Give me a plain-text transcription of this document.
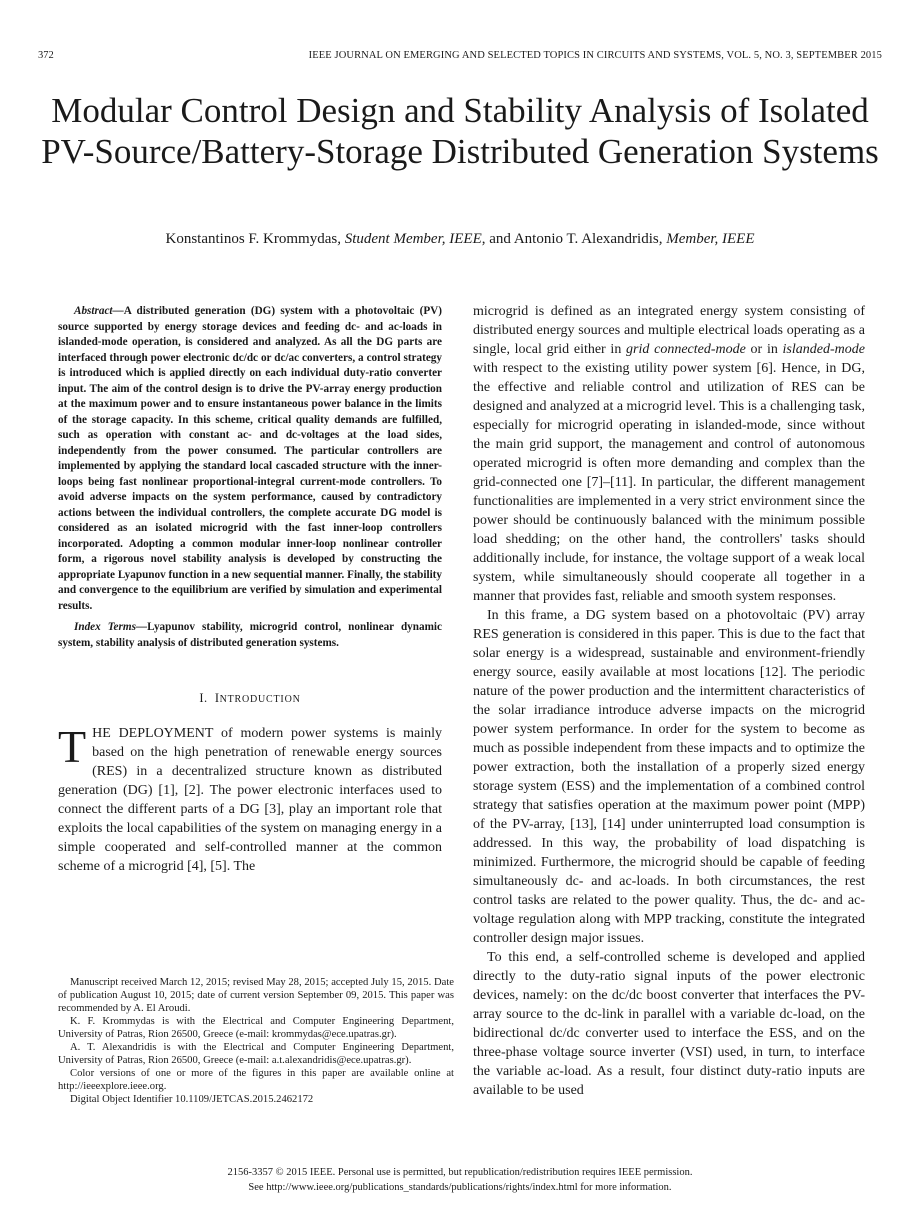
372	IEEE JOURNAL ON EMERGING AND SELECTED TOPICS IN CIRCUITS AND SYSTEMS, VOL. 5, NO. 3, SEPTEMBER 2015
Modular Control Design and Stability Analysis of Isolated PV-Source/Battery-Storage Distributed Generation Systems
Konstantinos F. Krommydas, Student Member, IEEE, and Antonio T. Alexandridis, Member, IEEE

Abstract—A distributed generation (DG) system with a photovoltaic (PV) source supported by energy storage devices and feeding dc- and ac-loads in islanded-mode operation, is considered and analyzed. As all the DG parts are interfaced through power electronic dc/dc or dc/ac converters, a control strategy is introduced which is applied directly on each individual duty-ratio converter input. The aim of the control design is to drive the PV-array energy production at the maximum power and to ensure instantaneous power balance in the limits of the storage capacity. In this scheme, critical quality demands are fulfilled, such as operation with constant ac- and dc-voltages at the load sides, independently from the power consumed. The particular controllers are implemented by applying the standard local cascaded structure with the inner-loops being fast nonlinear proportional-integral current-mode controllers. To avoid adverse impacts on the system performance, caused by contradictory actions between the individual controllers, the complete accurate DG model is considered as an isolated microgrid with the fast inner-loop controllers incorporated. Adopting a common modular inner-loop nonlinear controller form, a rigorous novel stability analysis is developed by constructing the appropriate Lyapunov function in a new sequential manner. Finally, the stability and convergence to the equilibrium are verified by simulation and experimental results.

Index Terms—Lyapunov stability, microgrid control, nonlinear dynamic system, stability analysis of distributed generation systems.

I. INTRODUCTION

THE DEPLOYMENT of modern power systems is mainly based on the high penetration of renewable energy sources (RES) in a decentralized structure known as distributed generation (DG) [1], [2]. The power electronic interfaces used to connect the different parts of a DG [3], play an important role that exploits the local capabilities of the system on managing energy in a simple cooperated and self-controlled manner at the common scheme of a microgrid [4], [5]. The

Manuscript received March 12, 2015; revised May 28, 2015; accepted July 15, 2015. Date of publication August 10, 2015; date of current version September 09, 2015. This paper was recommended by A. El Aroudi.

K. F. Krommydas is with the Electrical and Computer Engineering Department, University of Patras, Rion 26500, Greece (e-mail: krommydas@ece.upatras.gr).

A. T. Alexandridis is with the Electrical and Computer Engineering Department, University of Patras, Rion 26500, Greece (e-mail: a.t.alexandridis@ece.upatras.gr).

Color versions of one or more of the figures in this paper are available online at http://ieeexplore.ieee.org.

Digital Object Identifier 10.1109/JETCAS.2015.2462172

microgrid is defined as an integrated energy system consisting of distributed energy sources and multiple electrical loads operating as a single, local grid either in grid connected-mode or in islanded-mode with respect to the existing utility power system [6]. Hence, in DG, the effective and reliable control and utilization of RES can be designed and analyzed at a microgrid level. This is a challenging task, especially for microgrid operating in islanded-mode, since without the main grid support, the management and control of autonomous operated microgrid is often more demanding and complex than the grid-connected one [7]–[11]. In particular, the different management functionalities are implemented in a very strict environment since the power should be continuously balanced with the minimum possible load shedding; on the other hand, the controllers' tasks should additionally include, for instance, the voltage support of a weak local system, while simultaneously should cooperate all together in a manner that provides fast, reliable and smooth system responses.

In this frame, a DG system based on a photovoltaic (PV) array RES generation is considered in this paper. This is due to the fact that solar energy is a widespread, sustainable and environment-friendly energy source, easily available at most locations [12]. The periodic nature of the power production and the intermittent characteristics of the solar irradiance introduce adverse impacts on the microgrid power system performance. In order for the system to become as much as possible independent from these impacts and to optimize the power extraction, both the installation of a properly sized energy storage system (ESS) and the implementation of a combined control strategy that satisfies operation at the maximum power point (MPP) of the PV-array, [13], [14] under uninterrupted load consumption is addressed. In this way, the probability of load dispatching is minimized. Furthermore, the microgrid should be capable of feeding simultaneously dc- and ac-loads. In both circumstances, the rest control tasks are related to the power quality. Thus, the dc- and ac-voltage regulation along with MPP tracking, constitute the integrated controller design major issues.

To this end, a self-controlled scheme is developed and applied directly to the duty-ratio signal inputs of the power electronic devices, namely: on the dc/dc boost converter that interfaces the PV-array source to the dc-link in parallel with a variable dc-load, on the bidirectional dc/dc converter used to interface the ESS, and on the three-phase voltage source inverter (VSI) used, in turn, to interface the variable ac-load. As a result, four distinct duty-ratio inputs are available to be used

2156-3357 © 2015 IEEE. Personal use is permitted, but republication/redistribution requires IEEE permission.
See http://www.ieee.org/publications_standards/publications/rights/index.html for more information.
